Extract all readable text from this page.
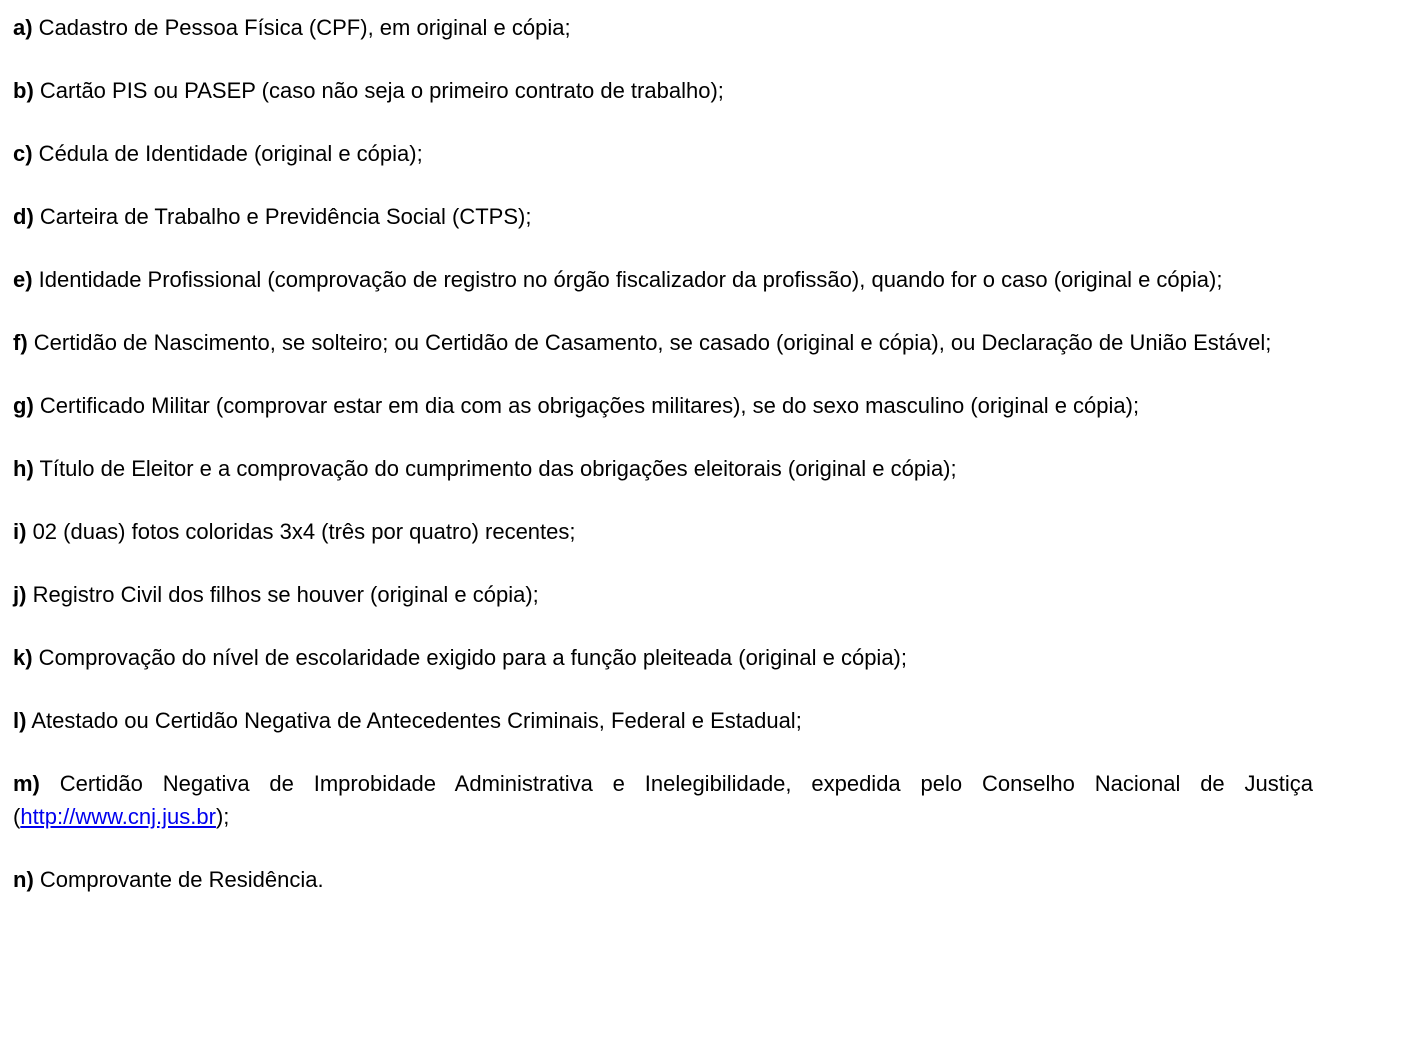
a) Cadastro de Pessoa Física (CPF), em original e cópia;

b) Cartão PIS ou PASEP (caso não seja o primeiro contrato de trabalho);

c) Cédula de Identidade (original e cópia);

d) Carteira de Trabalho e Previdência Social (CTPS);

e) Identidade Profissional (comprovação de registro no órgão fiscalizador da profissão), quando for o caso (original e cópia);

f) Certidão de Nascimento, se solteiro; ou Certidão de Casamento, se casado (original e cópia), ou Declaração de União Estável;

g) Certificado Militar (comprovar estar em dia com as obrigações militares), se do sexo masculino (original e cópia);

h) Título de Eleitor e a comprovação do cumprimento das obrigações eleitorais (original e cópia);

i) 02 (duas) fotos coloridas 3x4 (três por quatro) recentes;

j) Registro Civil dos filhos se houver (original e cópia);

k) Comprovação do nível de escolaridade exigido para a função pleiteada (original e cópia);

l) Atestado ou Certidão Negativa de Antecedentes Criminais, Federal e Estadual;

m) Certidão Negativa de Improbidade Administrativa e Inelegibilidade, expedida pelo Conselho Nacional de Justiça (http://www.cnj.jus.br);

n) Comprovante de Residência.
